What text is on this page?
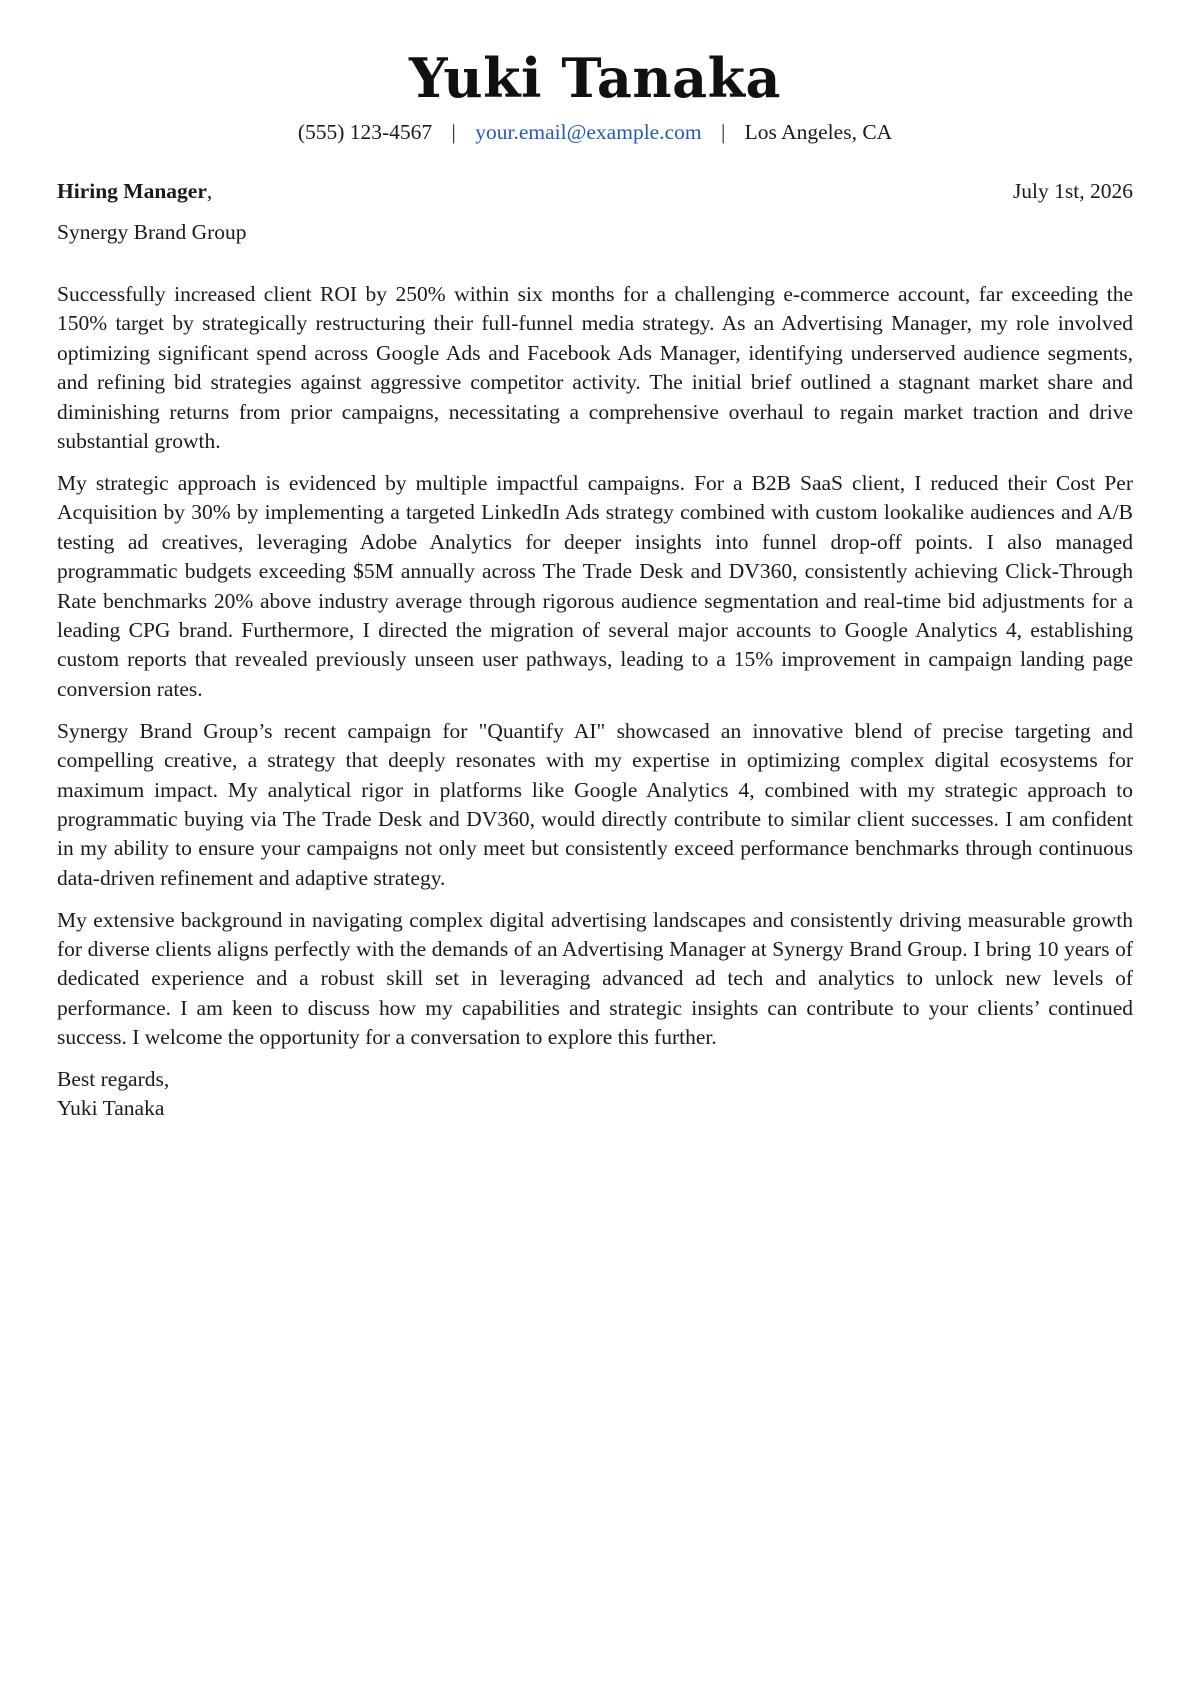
Yuki Tanaka
(555) 123-4567 | your.email@example.com | Los Angeles, CA
Hiring Manager,	July 1st, 2026
Synergy Brand Group

Successfully increased client ROI by 250% within six months for a challenging e-commerce account, far exceeding the 150% target by strategically restructuring their full-funnel media strategy. As an Advertising Manager, my role involved optimizing significant spend across Google Ads and Facebook Ads Manager, identifying underserved audience segments, and refining bid strategies against aggressive competitor activity. The initial brief outlined a stagnant market share and diminishing returns from prior campaigns, necessitating a comprehensive overhaul to regain market traction and drive substantial growth.

My strategic approach is evidenced by multiple impactful campaigns. For a B2B SaaS client, I reduced their Cost Per Acquisition by 30% by implementing a targeted LinkedIn Ads strategy combined with custom lookalike audiences and A/B testing ad creatives, leveraging Adobe Analytics for deeper insights into funnel drop-off points. I also managed programmatic budgets exceeding $5M annually across The Trade Desk and DV360, consistently achieving Click-Through Rate benchmarks 20% above industry average through rigorous audience segmentation and real-time bid adjustments for a leading CPG brand. Furthermore, I directed the migration of several major accounts to Google Analytics 4, establishing custom reports that revealed previously unseen user pathways, leading to a 15% improvement in campaign landing page conversion rates.

Synergy Brand Group’s recent campaign for "Quantify AI" showcased an innovative blend of precise targeting and compelling creative, a strategy that deeply resonates with my expertise in optimizing complex digital ecosystems for maximum impact. My analytical rigor in platforms like Google Analytics 4, combined with my strategic approach to programmatic buying via The Trade Desk and DV360, would directly contribute to similar client successes. I am confident in my ability to ensure your campaigns not only meet but consistently exceed performance benchmarks through continuous data-driven refinement and adaptive strategy.

My extensive background in navigating complex digital advertising landscapes and consistently driving measurable growth for diverse clients aligns perfectly with the demands of an Advertising Manager at Synergy Brand Group. I bring 10 years of dedicated experience and a robust skill set in leveraging advanced ad tech and analytics to unlock new levels of performance. I am keen to discuss how my capabilities and strategic insights can contribute to your clients’ continued success. I welcome the opportunity for a conversation to explore this further.

Best regards,
Yuki Tanaka
